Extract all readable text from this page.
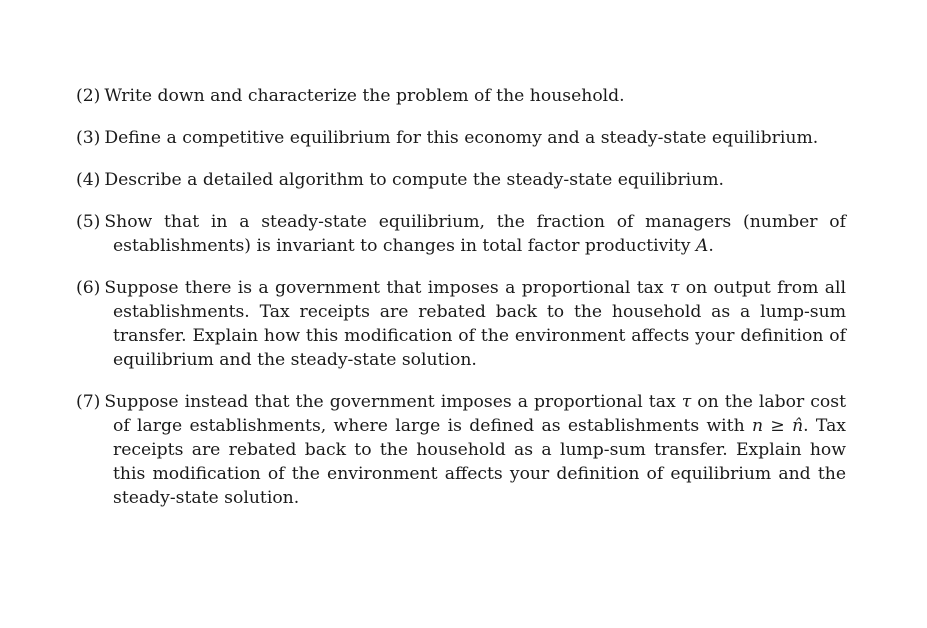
(2) Write down and characterize the problem of the household.

(3) Define a competitive equilibrium for this economy and a steady-state equilibrium.

(4) Describe a detailed algorithm to compute the steady-state equilibrium.

(5) Show that in a steady-state equilibrium, the fraction of managers (number of establishments) is invariant to changes in total factor productivity A.

(6) Suppose there is a government that imposes a proportional tax τ on output from all establishments. Tax receipts are rebated back to the household as a lump-sum transfer. Explain how this modification of the environment affects your definition of equilibrium and the steady-state solution.

(7) Suppose instead that the government imposes a proportional tax τ on the labor cost of large establishments, where large is defined as establishments with n ≥ n̂. Tax receipts are rebated back to the household as a lump-sum transfer. Explain how this modification of the environment affects your definition of equilibrium and the steady-state solution.
